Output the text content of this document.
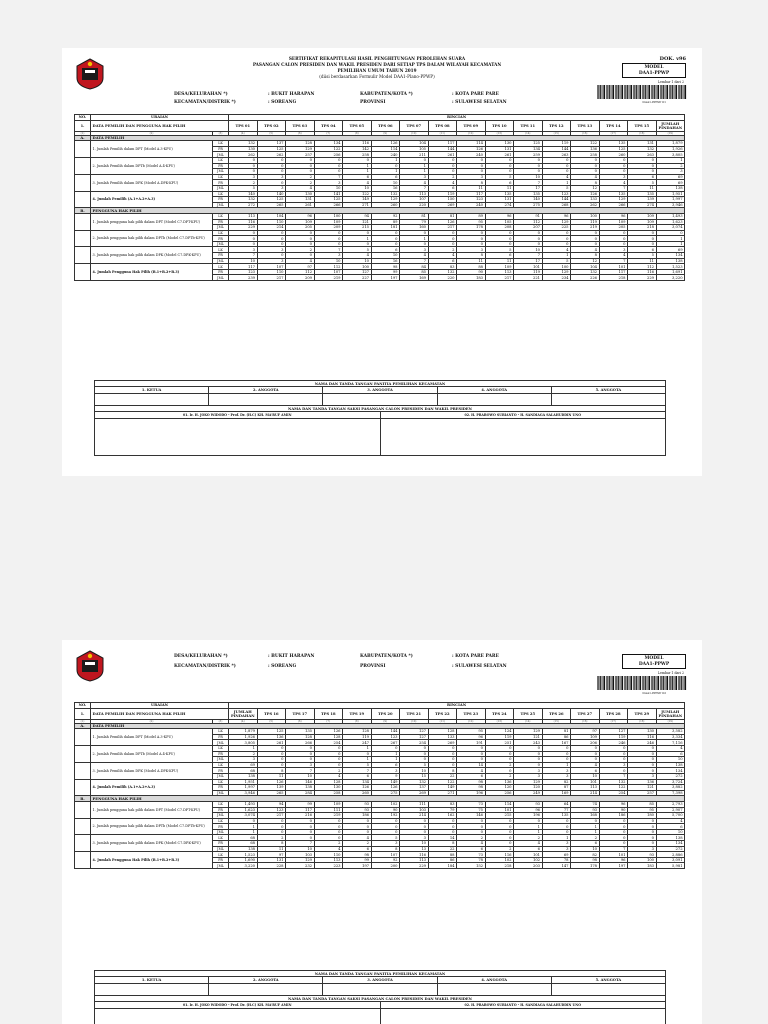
SERTIFIKAT REKAPITULASI HASIL PENGHITUNGAN PEROLEHAN SUARA
PASANGAN CALON PRESIDEN DAN WAKIL PRESIDEN DARI SETIAP TPS DALAM WILAYAH KECAMATAN
PEMILIHAN UMUM TAHUN 2019
(diisi berdasarkan Formulir Model DAA1-Plano-PPWP)
DOK. v96
MODEL
DAA1-PPWP
Lembar 1 dari 2
DAA1-PPWP 01
DESA/KELURAHAN *)	: BUKIT HARAPAN
KECAMATAN/DISTRIK *)	: SOREANG
KABUPATEN/KOTA *)	: KOTA PARE PARE
PROVINSI	: SULAWESI SELATAN
NO.	URAIAN		RINCIAN															
1.	DATA PEMILIH DAN PENGGUNA HAK PILIH		TPS 01	TPS 02	TPS 03	TPS 04	TPS 05	TPS 06	TPS 07	TPS 08	TPS 09	TPS 10	TPS 11	TPS 12	TPS 13	TPS 14	TPS 15	JUMLAH PINDAHAN
(1)	(2)	(3)	(4)	(5)	(6)	(7)	(8)	(9)	(10)	(11)	(12)	(13)	(14)	(15)	(16)	(17)	(18)	(19)
A.	DATA PEMILIH																	
	1. Jumlah Pemilih dalam DPT (Model A.3-KPU)	LK	132	137	128	134	116	126	104	117	114	130	125	119	122	135	131	1,879
		PR	130	125	129	122	142	114	105	144	126	131	134	144	136	125	132	1,926
		JML	262	262	257	256	258	240	211	261	240	261	259	263	258	260	263	3,805
	2. Jumlah Pemilih dalam DPTb (Model A.4-KPU)	LK	0	0	0	0	0	1	0	0	0	0	0	0	0	0	0	1
		PR	0	0	0	0	1	0	1	0	0	0	0	0	0	0	0	2
		JML	0	0	0	0	1	1	1	0	0	0	0	0	0	0	0	3
	3. Jumlah Pemilih dalam DPK (Model A.DPK-KPU)	LK	3	3	2	7	6	6	3	2	3	5	10	4	4	3	6	69
		PR	2	0	2	3	4	10	4	4	8	6	7	1	8	4	5	69
		JML	5	3	4	10	10	16	7	6	11	11	17	5	12	7	11	138
	4. Jumlah Pemilih (A.1+A.2+A.3)	LK	140	140	130	141	122	132	113	119	117	135	135	123	126	135	135	1,951
		PR	132	125	131	125	149	129	107	150	123	131	140	144	133	129	139	1,997
		JML	272	265	261	266	271	260	220	269	240	274	275	268	262	266	274	3,946
B.	PENGGUNA HAK PILIH																	
	1. Jumlah pengguna hak pilih dalam DPT (Model C7.DPT-KPU)	LK	113	104	96	100	94	92	81	81	89	96	91	96	100	96	109	1,493
		PR	116	110	109	109	121	89	79	126	95	105	112	129	119	109	109	1,623
		JML	229	214	205	209	215	181	160	217	178	208	207	225	219	205	218	3,074
	2. Jumlah pengguna hak pilih dalam DPTb (Model C7.DPTb-KPU)	LK	0	0	0	0	0	0	0	0	0	0	0	0	0	0	0	0
		PR	0	0	0	0	1	0	1	0	0	0	0	0	0	0	0	1
		JML	0	0	0	0	0	0	0	0	0	0	0	0	0	0	0	1
	3. Jumlah pengguna hak pilih dalam DPK (Model C7.DPK-KPU)	LK	3	3	2	7	5	6	3	2	3	5	10	4	4	3	6	69
		PR	7	0	0	3	4	10	4	4	8	6	7	1	8	4	5	134
		JML	10	3	4	10	10	16	7	6	11	11	17	5	12	7	11	138
	4. Jumlah Pengguna Hak Pilih (B.1+B.2+B.3)	LK	117	107	97	112	100	98	84	83	88	109	101	100	104	101	112	1,523
		PR	123	110	112	107	127	99	85	132	90	113	119	129	132	117	116	1,691
		JML	239	217	209	219	227	197	169	220	183	217	221	234	226	218	229	3,220
NAMA DAN TANDA TANGAN PANITIA PEMILIHAN KECAMATAN
1. KETUA	2. ANGGOTA	3. ANGGOTA	4. ANGGOTA	5. ANGGOTA
NAMA DAN TANDA TANGAN SAKSI PASANGAN CALON PRESIDEN DAN WAKIL PRESIDEN
01. Ir. H. JOKO WIDODO - Prof. Dr. (H.C) KH. MA'RUF AMIN	02. H. PRABOWO SUBIANTO - H. SANDIAGA SALAHUDDIN UNO
DESA/KELURAHAN *)	: BUKIT HARAPAN
KECAMATAN/DISTRIK *)	: SOREANG
KABUPATEN/KOTA *)	: KOTA PARE PARE
PROVINSI	: SULAWESI SELATAN
MODEL
DAA1-PPWP
Lembar 1 dari 2
DAA1-PPWP 02
NO.	URAIAN		RINCIAN															
1.	DATA PEMILIH DAN PENGGUNA HAK PILIH		JUMLAH PINDAHAN	TPS 16	TPS 17	TPS 18	TPS 19	TPS 20	TPS 21	TPS 22	TPS 23	TPS 24	TPS 25	TPS 26	TPS 27	TPS 28	TPS 29	JUMLAH PINDAHAN
(1)	(2)	(3)	(4)	(5)	(6)	(7)	(8)	(9)	(10)	(11)	(12)	(13)	(14)	(15)	(16)	(17)	(18)	(19)
A.	DATA PEMILIH																	
	1. Jumlah Pemilih dalam DPT (Model A.3-KPU)	LK	1,879	125	135	126	128	144	127	128	95	124	129	81	97	127	130	3,582
		PR	1,926	136	128	128	119	123	127	133	96	119	121	86	109	119	116	3,334
		JML	3,805	261	266	254	247	267	254	269	191	251	243	167	206	246	246	7,116
	2. Jumlah Pemilih dalam DPTb (Model A.4-KPU)	LK	1	0	0	0	1	0	0	0	0	0	0	0	0	0	0	4
		PR	2	0	0	0	0	1	0	0	0	0	0	0	0	0	0	6
		JML	3	0	0	0	1	1	0	0	0	0	0	0	0	0	0	10
	3. Jumlah Pemilih dalam DPK (Model A.DPK-KPU)	LK	69	0	3	0	5	6	5	0	14	2	0	1	4	3	0	138
		PR	68	8	7	2	7	3	10	8	4	0	3	3	6	0	0	134
		JML	138	11	10	4	6	9	15	22	6	2	3	3	10	7	3	272
	4. Jumlah Pemilih (A.1+A.2+A.3)	LK	1,951	126	146	128	134	149	132	122	98	136	129	82	101	132	136	3,724
		PR	1,997	139	138	130	126	126	137	149	98	120	120	87	113	122	121	3,882
		JML	3,946	265	284	258	260	275	269	271	196	256	249	169	214	254	257	7,398
B.	PENGGUNA HAK PILIH																	
	1. Jumlah pengguna hak pilih dalam DPT (Model C7.DPT-KPU)	LK	1,493	94	99	109	93	102	111	83	73	114	93	64	74	96	85	2,793
		PR	1,623	123	117	111	93	90	103	79	75	101	96	77	93	90	95	2,907
		JML	3,074	217	216	219	186	192	214	162	146	215	196	135	168	186	180	5,700
	2. Jumlah pengguna hak pilih dalam DPTb (Model C7.DPTb-KPU)	LK	0	0	0	0	0	0	0	0	0	0	0	0	0	0	0	4
		PR	1	0	0	0	0	0	0	0	0	0	1	0	1	0	0	6
		JML	1	0	0	0	0	0	0	0	0	0	1	0	1	0	0	10
	3. Jumlah pengguna hak pilih dalam DPK (Model C7.DPK-KPU)	LK	68	2	0	0	4	5	3	14	2	0	2	1	2	0	0	138
		PR	68	8	7	2	2	3	10	8	4	0	4	3	6	0	0	134
		JML	138	11	10	4	6	8	13	22	6	2	6	3	10	7	3	272
	4. Jumlah Pengguna Hak Pilih (B.1+B.2+B.3)	LK	1,523	97	103	110	98	107	116	88	73	116	101	69	82	101	93	2,886
		PR	1,690	131	129	113	99	92	113	86	78	102	102	78	98	96	100	3,091
		JML	3,220	228	232	223	197	200	229	184	152	218	203	147	178	197	183	5,981
NAMA DAN TANDA TANGAN PANITIA PEMILIHAN KECAMATAN
1. KETUA	2. ANGGOTA	3. ANGGOTA	4. ANGGOTA	5. ANGGOTA
NAMA DAN TANDA TANGAN SAKSI PASANGAN CALON PRESIDEN DAN WAKIL PRESIDEN
01. Ir. H. JOKO WIDODO - Prof. Dr. (H.C) KH. MA'RUF AMIN	02. H. PRABOWO SUBIANTO - H. SANDIAGA SALAHUDDIN UNO
